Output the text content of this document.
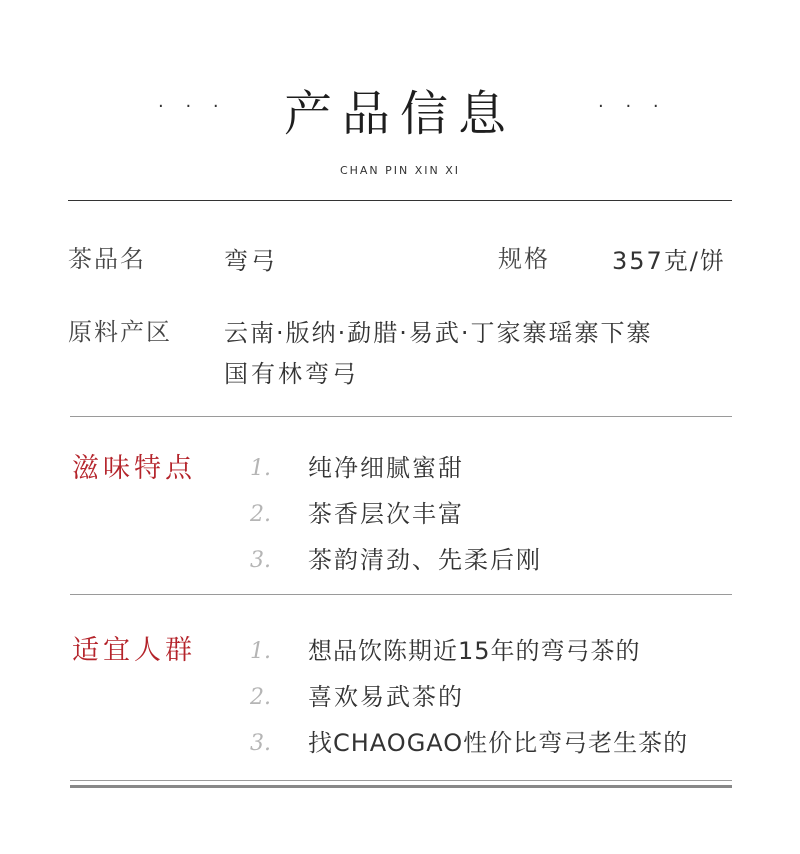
· · ·	产品信息	· · ·
CHAN PIN XIN XI
茶品名	弯弓	规格	357克/饼
原料产区 云南·版纳·勐腊·易武·丁家寨瑶寨下寨
国有林弯弓
滋味特点 1. 纯净细腻蜜甜
2. 茶香层次丰富
3. 茶韵清劲、先柔后刚
适宜人群 1. 想品饮陈期近15年的弯弓茶的
2. 喜欢易武茶的
3. 找CHAOGAO性价比弯弓老生茶的
